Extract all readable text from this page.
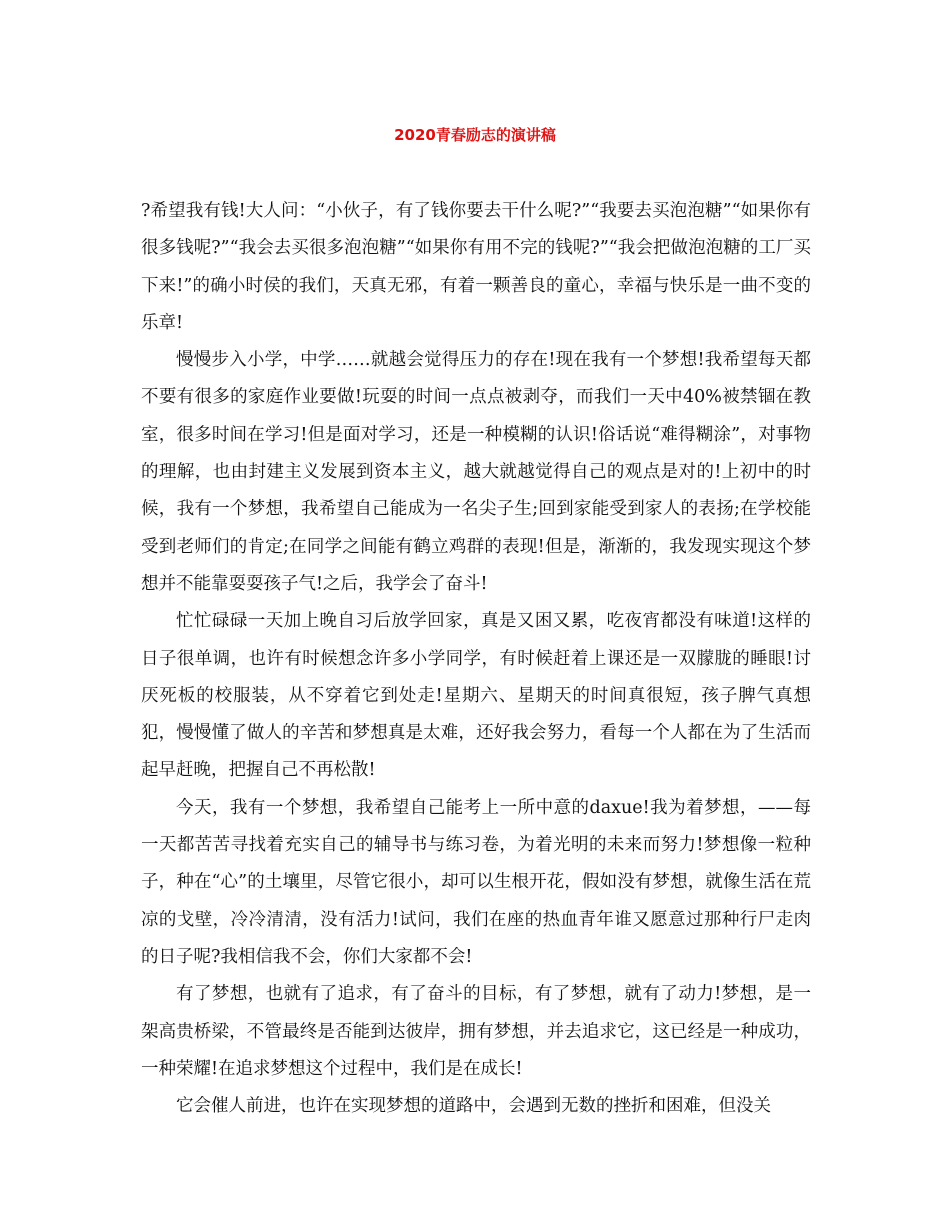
2020青春励志的演讲稿

?希望我有钱!大人问：“小伙子，有了钱你要去干什么呢?”“我要去买泡泡糖”“如果你有很多钱呢?”“我会去买很多泡泡糖”“如果你有用不完的钱呢?”“我会把做泡泡糖的工厂买下来!”的确小时侯的我们，天真无邪，有着一颗善良的童心，幸福与快乐是一曲不变的乐章!

慢慢步入小学，中学……就越会觉得压力的存在!现在我有一个梦想!我希望每天都不要有很多的家庭作业要做!玩耍的时间一点点被剥夺，而我们一天中40%被禁锢在教室，很多时间在学习!但是面对学习，还是一种模糊的认识!俗话说“难得糊涂”，对事物的理解，也由封建主义发展到资本主义，越大就越觉得自己的观点是对的!上初中的时候，我有一个梦想，我希望自己能成为一名尖子生;回到家能受到家人的表扬;在学校能受到老师们的肯定;在同学之间能有鹤立鸡群的表现!但是，渐渐的，我发现实现这个梦想并不能靠耍耍孩子气!之后，我学会了奋斗!

忙忙碌碌一天加上晚自习后放学回家，真是又困又累，吃夜宵都没有味道!这样的日子很单调，也许有时候想念许多小学同学，有时候赶着上课还是一双朦胧的睡眼!讨厌死板的校服装，从不穿着它到处走!星期六、星期天的时间真很短，孩子脾气真想犯，慢慢懂了做人的辛苦和梦想真是太难，还好我会努力，看每一个人都在为了生活而起早赶晚，把握自己不再松散!

今天，我有一个梦想，我希望自己能考上一所中意的daxue!我为着梦想，——每一天都苦苦寻找着充实自己的辅导书与练习卷，为着光明的未来而努力!梦想像一粒种子，种在“心”的土壤里，尽管它很小，却可以生根开花，假如没有梦想，就像生活在荒凉的戈壁，冷冷清清，没有活力!试问，我们在座的热血青年谁又愿意过那种行尸走肉的日子呢?我相信我不会，你们大家都不会!

有了梦想，也就有了追求，有了奋斗的目标，有了梦想，就有了动力!梦想，是一架高贵桥梁，不管最终是否能到达彼岸，拥有梦想，并去追求它，这已经是一种成功，一种荣耀!在追求梦想这个过程中，我们是在成长!

它会催人前进，也许在实现梦想的道路中，会遇到无数的挫折和困难，但没关
